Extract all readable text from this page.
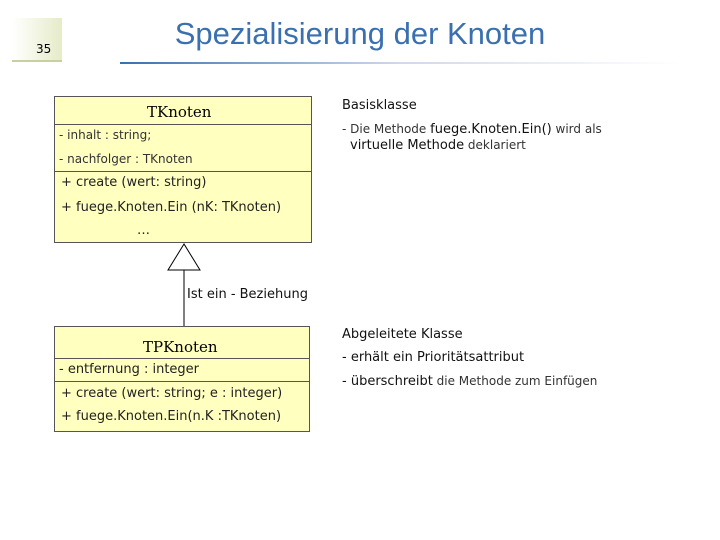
35	Spezialisierung der Knoten
TKnoten
- inhalt : string;
- nachfolger : TKnoten
+ create (wert: string)
+ fuege.Knoten.Ein (nK: TKnoten)
…
Ist ein - Beziehung
TPKnoten
- entfernung : integer
+ create (wert: string; e : integer)
+ fuege.Knoten.Ein(n.K :TKnoten)
Basisklasse
- Die Methode fuege.Knoten.Ein() wird als
virtuelle Methode deklariert
Abgeleitete Klasse
- erhält ein Prioritätsattribut
- überschreibt die Methode zum Einfügen
